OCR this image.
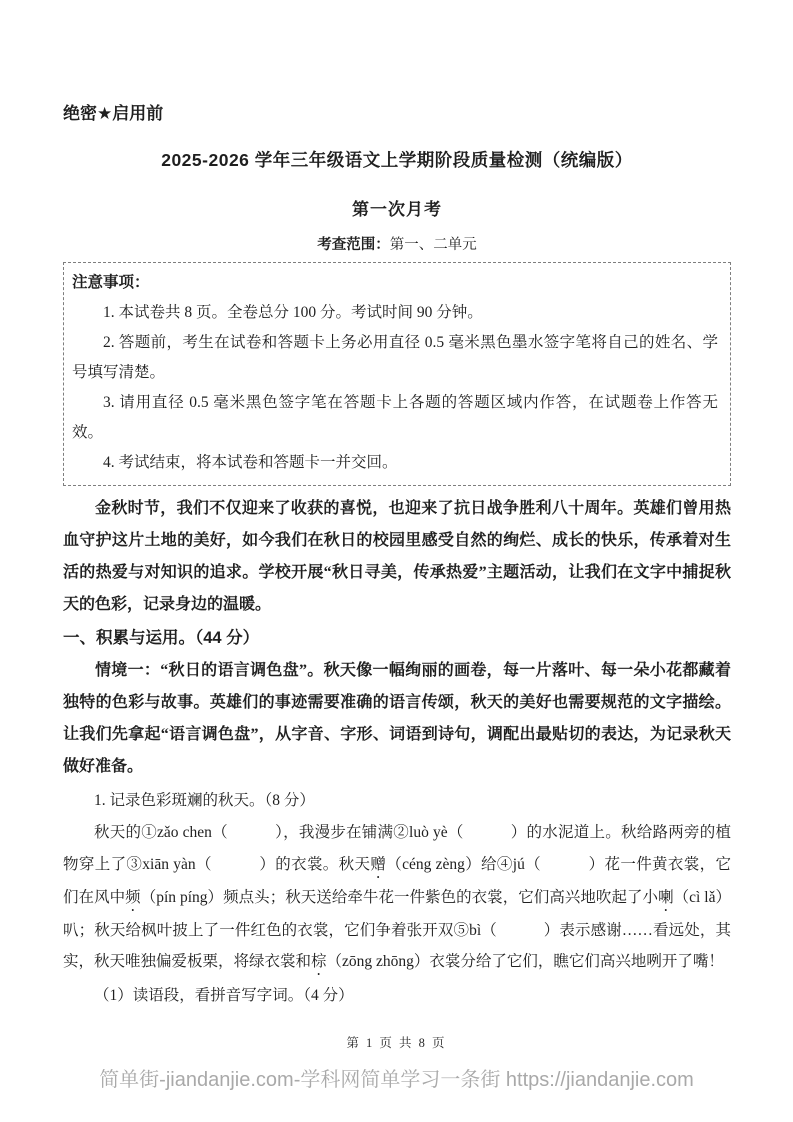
绝密★启用前

2025-2026 学年三年级语文上学期阶段质量检测（统编版）
第一次月考

考查范围：第一、二单元

注意事项：

1. 本试卷共 8 页。全卷总分 100 分。考试时间 90 分钟。

2. 答题前，考生在试卷和答题卡上务必用直径 0.5 毫米黑色墨水签字笔将自己的姓名、学号填写清楚。

3. 请用直径 0.5 毫米黑色签字笔在答题卡上各题的答题区域内作答，在试题卷上作答无效。

4. 考试结束，将本试卷和答题卡一并交回。

金秋时节，我们不仅迎来了收获的喜悦，也迎来了抗日战争胜利八十周年。英雄们曾用热血守护这片土地的美好，如今我们在秋日的校园里感受自然的绚烂、成长的快乐，传承着对生活的热爱与对知识的追求。学校开展“秋日寻美，传承热爱”主题活动，让我们在文字中捕捉秋天的色彩，记录身边的温暖。

一、积累与运用。（44 分）

情境一：“秋日的语言调色盘”。秋天像一幅绚丽的画卷，每一片落叶、每一朵小花都藏着独特的色彩与故事。英雄们的事迹需要准确的语言传颂，秋天的美好也需要规范的文字描绘。让我们先拿起“语言调色盘”，从字音、字形、词语到诗句，调配出最贴切的表达，为记录秋天做好准备。

1. 记录色彩斑斓的秋天。（8 分）

秋天的①zǎo chen（　　　），我漫步在铺满②luò yè（　　　）的水泥道上。秋给路两旁的植物穿上了③xiān yàn（　　　）的衣裳。秋天赠（céng zèng）给④jú（　　　）花一件黄衣裳，它们在风中频（pín píng）频点头；秋天送给牵牛花一件紫色的衣裳，它们高兴地吹起了小喇（cì lǎ）叭；秋天给枫叶披上了一件红色的衣裳，它们争着张开双⑤bì（　　　）表示感谢……看远处，其实，秋天唯独偏爱板栗，将绿衣裳和棕（zōng zhōng）衣裳分给了它们，瞧它们高兴地咧开了嘴！

（1）读语段，看拼音写字词。（4 分）

第 1 页 共 8 页

简单街-jiandanjie.com-学科网简单学习一条街 https://jiandanjie.com
